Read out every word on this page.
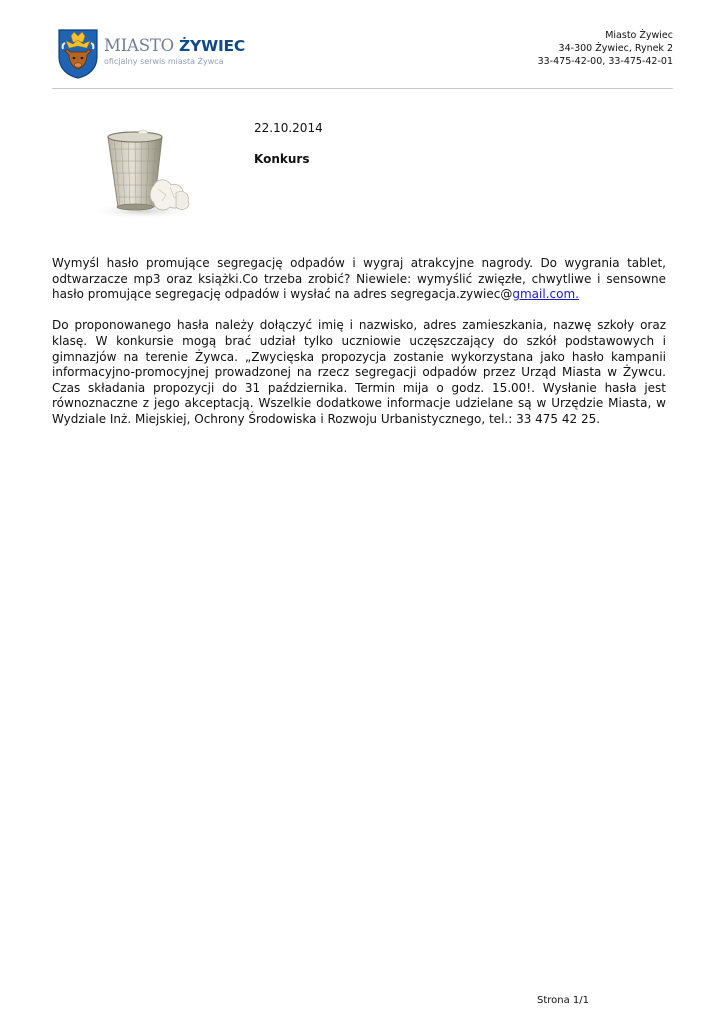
MIASTO ŻYWIEC
oficjalny serwis miasta Żywca
Miasto Żywiec
34-300 Żywiec, Rynek 2
33-475-42-00, 33-475-42-01
22.10.2014
Konkurs

Wymyśl hasło promujące segregację odpadów i wygraj atrakcyjne nagrody. Do wygrania tablet, odtwarzacze mp3 oraz książki.Co trzeba zrobić? Niewiele: wymyślić zwięzłe, chwytliwe i sensowne hasło promujące segregację odpadów i wysłać na adres segregacja.zywiec@gmail.com.

Do proponowanego hasła należy dołączyć imię i nazwisko, adres zamieszkania, nazwę szkoły oraz klasę. W konkursie mogą brać udział tylko uczniowie uczęszczający do szkół podstawowych i gimnazjów na terenie Żywca. „Zwycięska propozycja zostanie wykorzystana jako hasło kampanii informacyjno-promocyjnej prowadzonej na rzecz segregacji odpadów przez Urząd Miasta w Żywcu. Czas składania propozycji do 31 października. Termin mija o godz. 15.00!. Wysłanie hasła jest równoznaczne z jego akceptacją. Wszelkie dodatkowe informacje udzielane są w Urzędzie Miasta, w Wydziale Inż. Miejskiej, Ochrony Środowiska i Rozwoju Urbanistycznego, tel.: 33 475 42 25.

Strona 1/1
